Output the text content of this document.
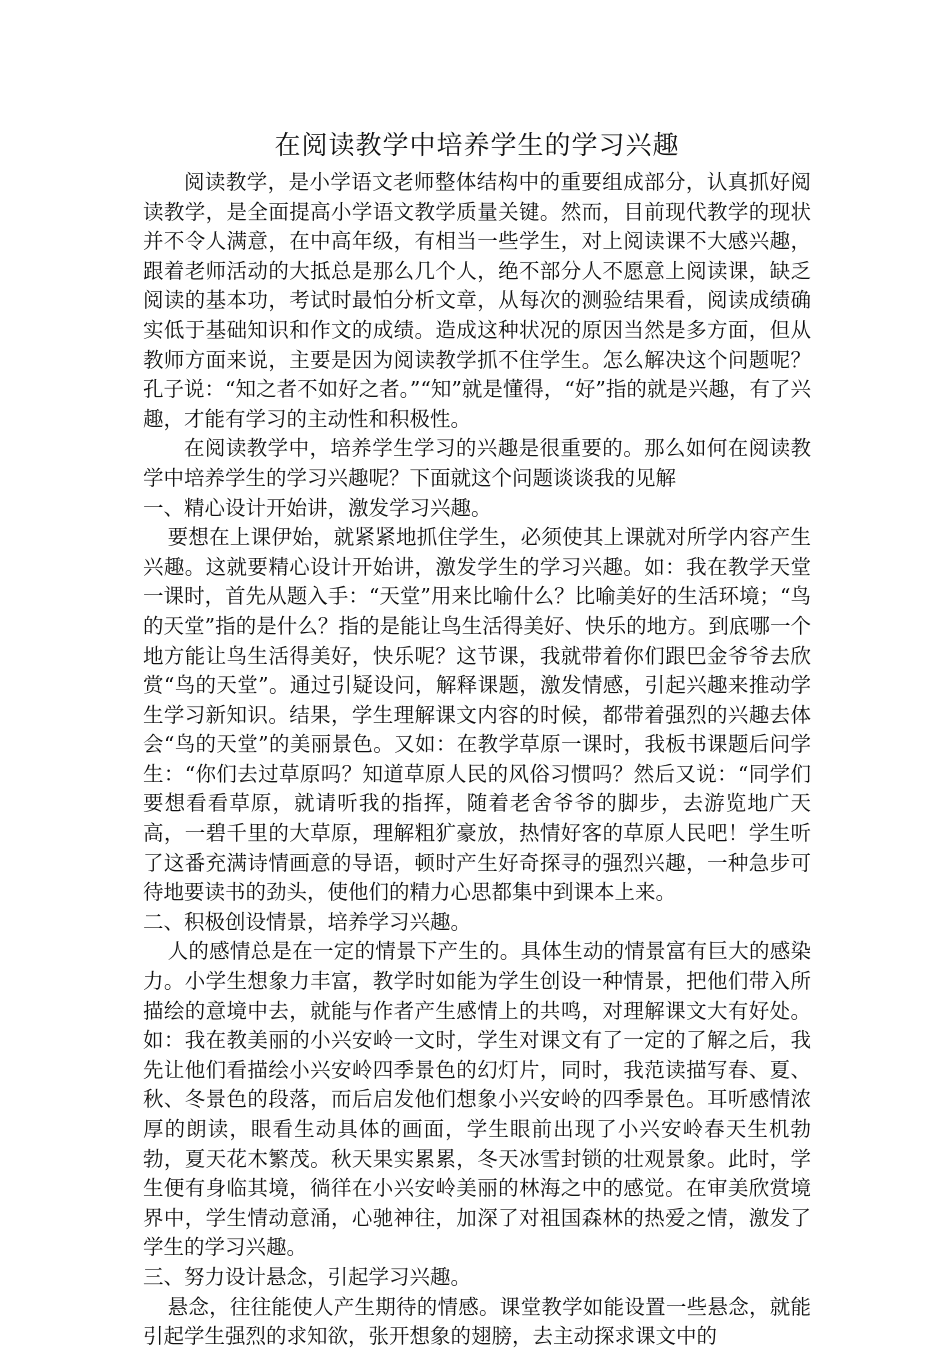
在阅读教学中培养学生的学习兴趣

阅读教学，是小学语文老师整体结构中的重要组成部分，认真抓好阅读教学，是全面提高小学语文教学质量关键。然而，目前现代教学的现状并不令人满意，在中高年级，有相当一些学生，对上阅读课不大感兴趣，跟着老师活动的大抵总是那么几个人，绝不部分人不愿意上阅读课，缺乏阅读的基本功，考试时最怕分析文章，从每次的测验结果看，阅读成绩确实低于基础知识和作文的成绩。造成这种状况的原因当然是多方面，但从教师方面来说，主要是因为阅读教学抓不住学生。怎么解决这个问题呢？孔子说：“知之者不如好之者。”“知”就是懂得，“好”指的就是兴趣，有了兴趣，才能有学习的主动性和积极性。

在阅读教学中，培养学生学习的兴趣是很重要的。那么如何在阅读教学中培养学生的学习兴趣呢？下面就这个问题谈谈我的见解

一、精心设计开始讲，激发学习兴趣。

要想在上课伊始，就紧紧地抓住学生，必须使其上课就对所学内容产生兴趣。这就要精心设计开始讲，激发学生的学习兴趣。如：我在教学天堂一课时，首先从题入手：“天堂”用来比喻什么？比喻美好的生活环境；“鸟的天堂”指的是什么？指的是能让鸟生活得美好、快乐的地方。到底哪一个地方能让鸟生活得美好，快乐呢？这节课，我就带着你们跟巴金爷爷去欣赏“鸟的天堂”。通过引疑设问，解释课题，激发情感，引起兴趣来推动学生学习新知识。结果，学生理解课文内容的时候，都带着强烈的兴趣去体会“鸟的天堂”的美丽景色。又如：在教学草原一课时，我板书课题后问学生：“你们去过草原吗？知道草原人民的风俗习惯吗？然后又说：“同学们要想看看草原，就请听我的指挥，随着老舍爷爷的脚步，去游览地广天高，一碧千里的大草原，理解粗犷豪放，热情好客的草原人民吧！学生听了这番充满诗情画意的导语，顿时产生好奇探寻的强烈兴趣，一种急步可待地要读书的劲头，使他们的精力心思都集中到课本上来。

二、积极创设情景，培养学习兴趣。

人的感情总是在一定的情景下产生的。具体生动的情景富有巨大的感染力。小学生想象力丰富，教学时如能为学生创设一种情景，把他们带入所描绘的意境中去，就能与作者产生感情上的共鸣，对理解课文大有好处。如：我在教美丽的小兴安岭一文时，学生对课文有了一定的了解之后，我先让他们看描绘小兴安岭四季景色的幻灯片，同时，我范读描写春、夏、秋、冬景色的段落，而后启发他们想象小兴安岭的四季景色。耳听感情浓厚的朗读，眼看生动具体的画面，学生眼前出现了小兴安岭春天生机勃勃，夏天花木繁茂。秋天果实累累，冬天冰雪封锁的壮观景象。此时，学生便有身临其境，徜徉在小兴安岭美丽的林海之中的感觉。在审美欣赏境界中，学生情动意涌，心驰神往，加深了对祖国森林的热爱之情，激发了学生的学习兴趣。

三、努力设计悬念，引起学习兴趣。

悬念，往往能使人产生期待的情感。课堂教学如能设置一些悬念，就能引起学生强烈的求知欲，张开想象的翅膀，去主动探求课文中的
